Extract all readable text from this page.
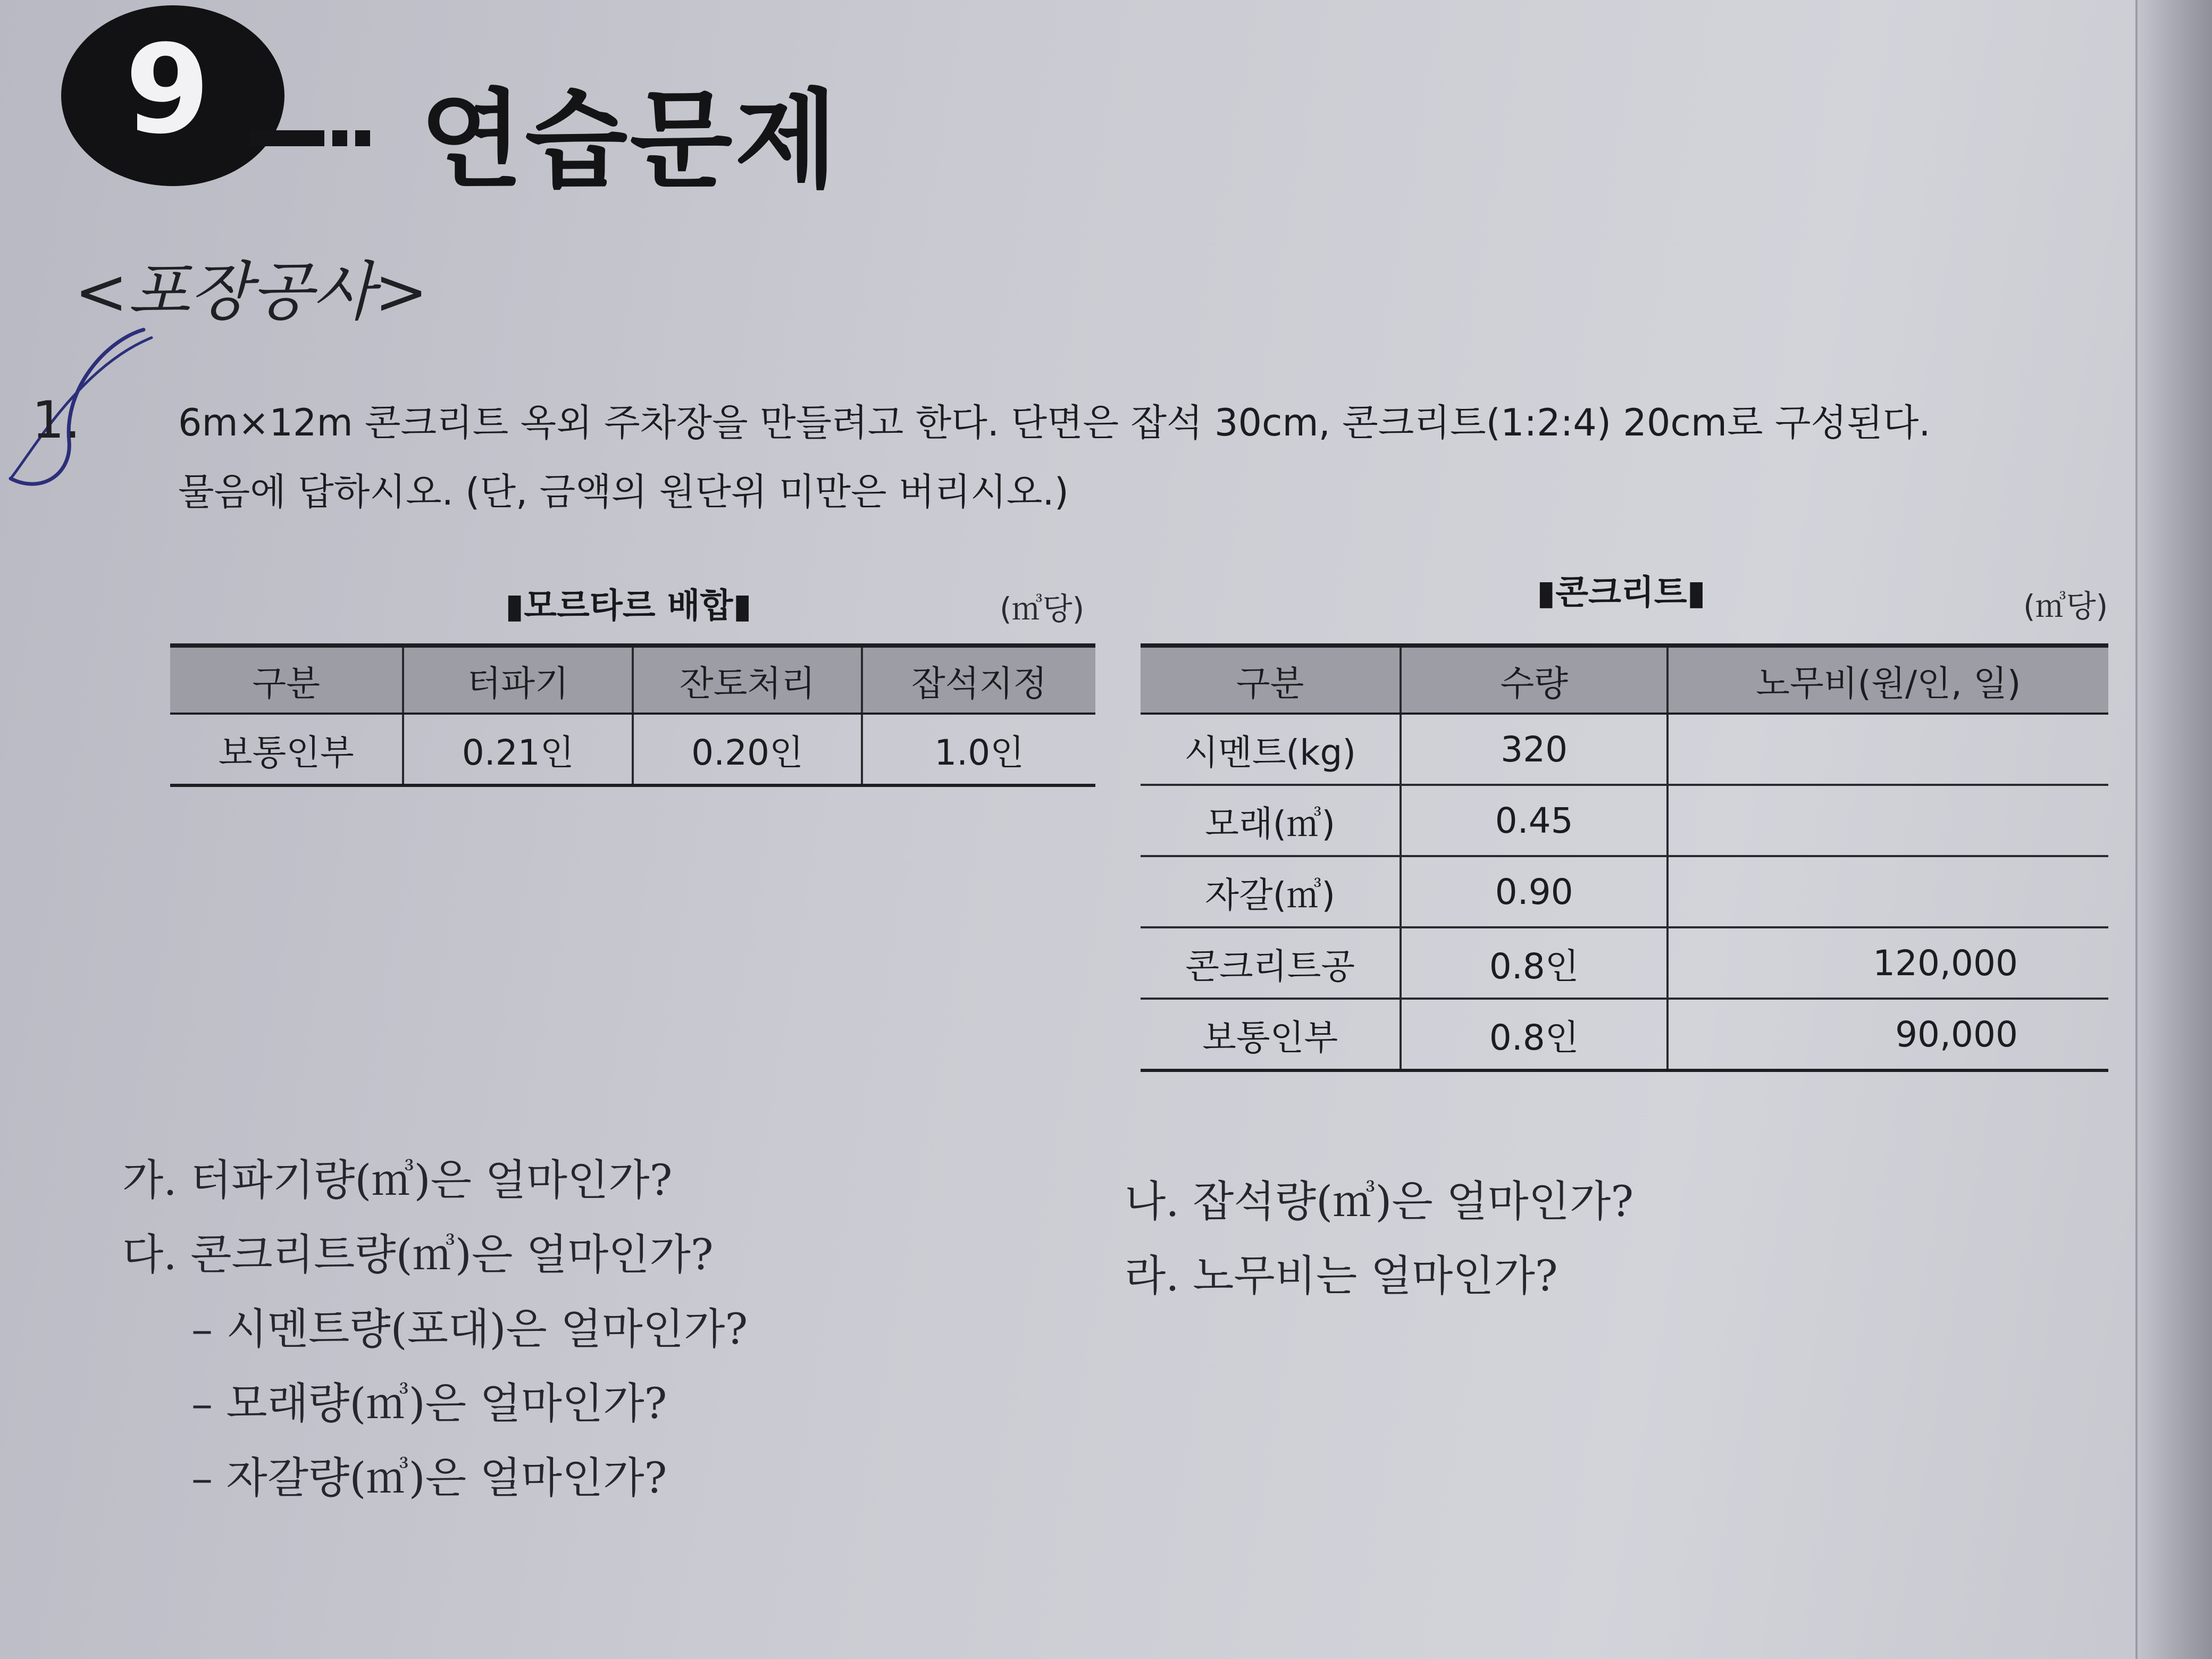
9 연습문제
<포장공사>
1.	6m×12m 콘크리트 옥외 주차장을 만들려고 한다. 단면은 잡석 30cm, 콘크리트(1:2:4) 20cm로 구성된다.

물음에 답하시오. (단, 금액의 원단위 미만은 버리시오.)

▮모르타르 배합▮	(㎥당)
구분	터파기	잔토처리	잡석지정
보통인부	0.21인	0.20인	1.0인
▮콘크리트▮	(㎥당)
구분	수량	노무비(원/인, 일)
시멘트(kg)	320	
모래(㎥)	0.45	
자갈(㎥)	0.90	
콘크리트공	0.8인	120,000
보통인부	0.8인	90,000
가. 터파기량(㎥)은 얼마인가?
다. 콘크리트량(㎥)은 얼마인가?
– 시멘트량(포대)은 얼마인가?
– 모래량(㎥)은 얼마인가?
– 자갈량(㎥)은 얼마인가?
나. 잡석량(㎥)은 얼마인가?
라. 노무비는 얼마인가?
